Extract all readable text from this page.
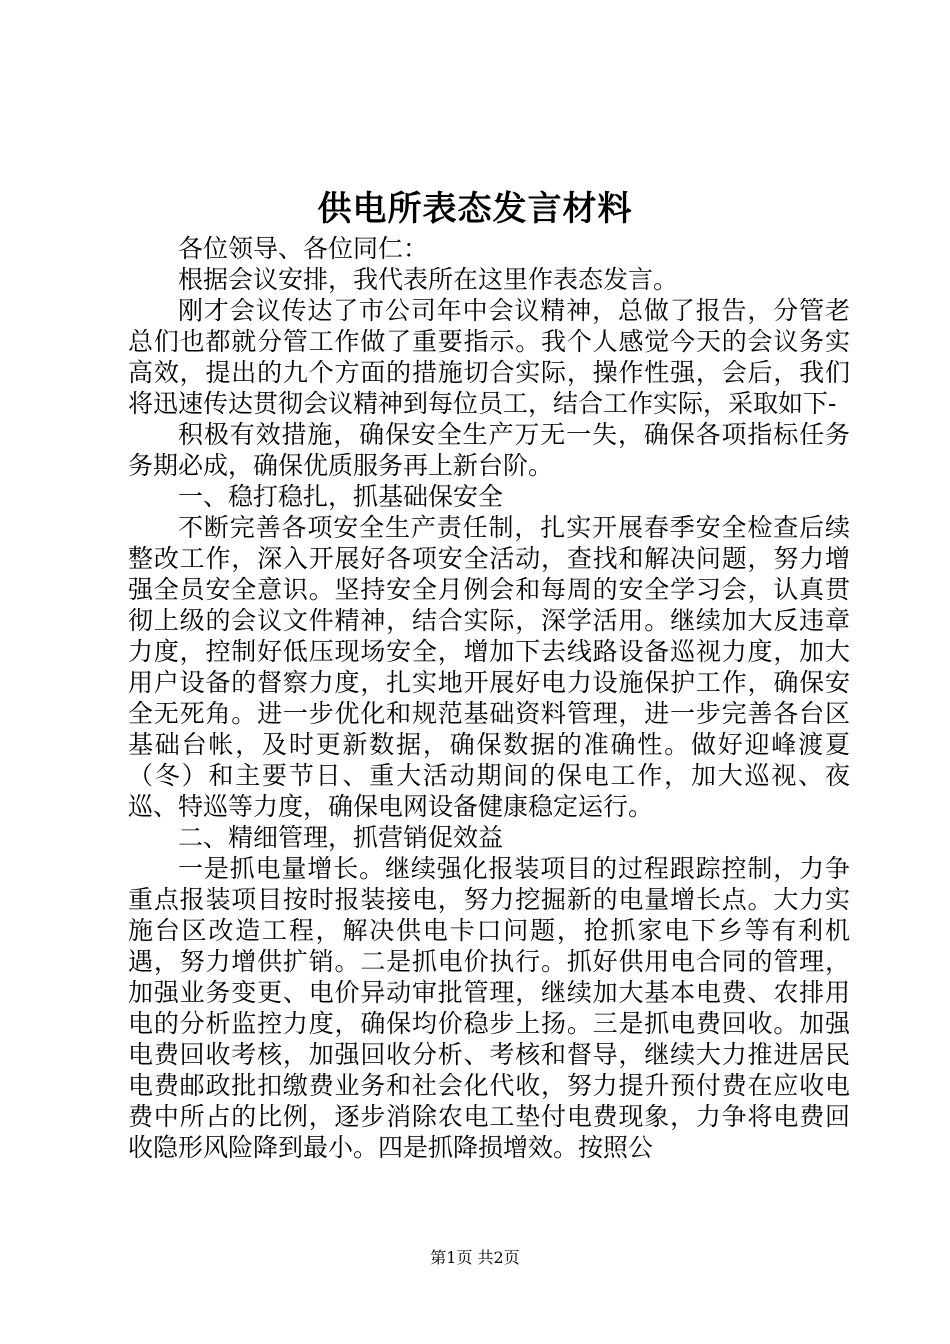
供电所表态发言材料

各位领导、各位同仁：

根据会议安排，我代表所在这里作表态发言。

刚才会议传达了市公司年中会议精神，总做了报告，分管老总们也都就分管工作做了重要指示。我个人感觉今天的会议务实高效，提出的九个方面的措施切合实际，操作性强，会后，我们将迅速传达贯彻会议精神到每位员工，结合工作实际，采取如下-

积极有效措施，确保安全生产万无一失，确保各项指标任务务期必成，确保优质服务再上新台阶。

一、稳打稳扎，抓基础保安全

不断完善各项安全生产责任制，扎实开展春季安全检查后续整改工作，深入开展好各项安全活动，查找和解决问题，努力增强全员安全意识。坚持安全月例会和每周的安全学习会，认真贯彻上级的会议文件精神，结合实际，深学活用。继续加大反违章力度，控制好低压现场安全，增加下去线路设备巡视力度，加大用户设备的督察力度，扎实地开展好电力设施保护工作，确保安全无死角。进一步优化和规范基础资料管理，进一步完善各台区基础台帐，及时更新数据，确保数据的准确性。做好迎峰渡夏（冬）和主要节日、重大活动期间的保电工作，加大巡视、夜巡、特巡等力度，确保电网设备健康稳定运行。

二、精细管理，抓营销促效益

一是抓电量增长。继续强化报装项目的过程跟踪控制，力争重点报装项目按时报装接电，努力挖掘新的电量增长点。大力实施台区改造工程，解决供电卡口问题，抢抓家电下乡等有利机遇，努力增供扩销。二是抓电价执行。抓好供用电合同的管理，加强业务变更、电价异动审批管理，继续加大基本电费、农排用电的分析监控力度，确保均价稳步上扬。三是抓电费回收。加强电费回收考核，加强回收分析、考核和督导，继续大力推进居民电费邮政批扣缴费业务和社会化代收，努力提升预付费在应收电费中所占的比例，逐步消除农电工垫付电费现象，力争将电费回收隐形风险降到最小。四是抓降损增效。按照公

第1页 共2页
